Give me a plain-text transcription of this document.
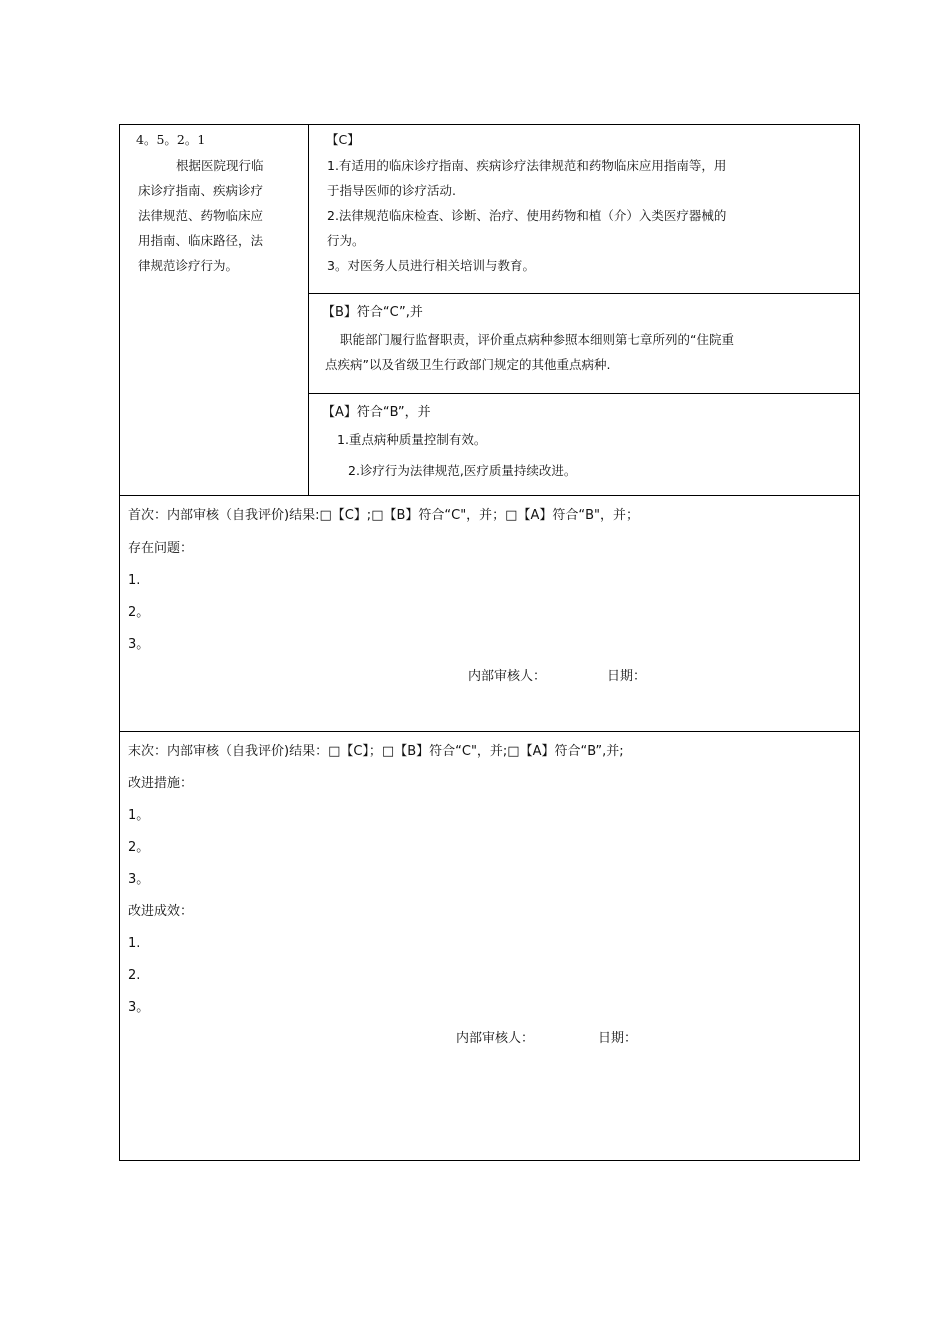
4。5。2。1
根据医院现行临
床诊疗指南、疾病诊疗
法律规范、药物临床应
用指南、临床路径，法
律规范诊疗行为。
【C】
1.有适用的临床诊疗指南、疾病诊疗法律规范和药物临床应用指南等，用
于指导医师的诊疗活动.
2.法律规范临床检查、诊断、治疗、使用药物和植（介）入类医疗器械的
行为。
3。对医务人员进行相关培训与教育。
【B】符合“C”,并
职能部门履行监督职责，评价重点病种参照本细则第七章所列的“住院重
点疾病”以及省级卫生行政部门规定的其他重点病种.
【A】符合“B”，并
1.重点病种质量控制有效。
2.诊疗行为法律规范,医疗质量持续改进。
首次：内部审核（自我评价)结果:□【C】;□【B】符合“C"，并；□【A】符合“B"，并；
存在问题：
1.
2。
3。
内部审核人：	日期：
末次：内部审核（自我评价)结果：□【C】；□【B】符合“C"，并;□【A】符合“B”,并;
改进措施：
1。
2。
3。
改进成效：
1.
2.
3。
内部审核人：	日期：
